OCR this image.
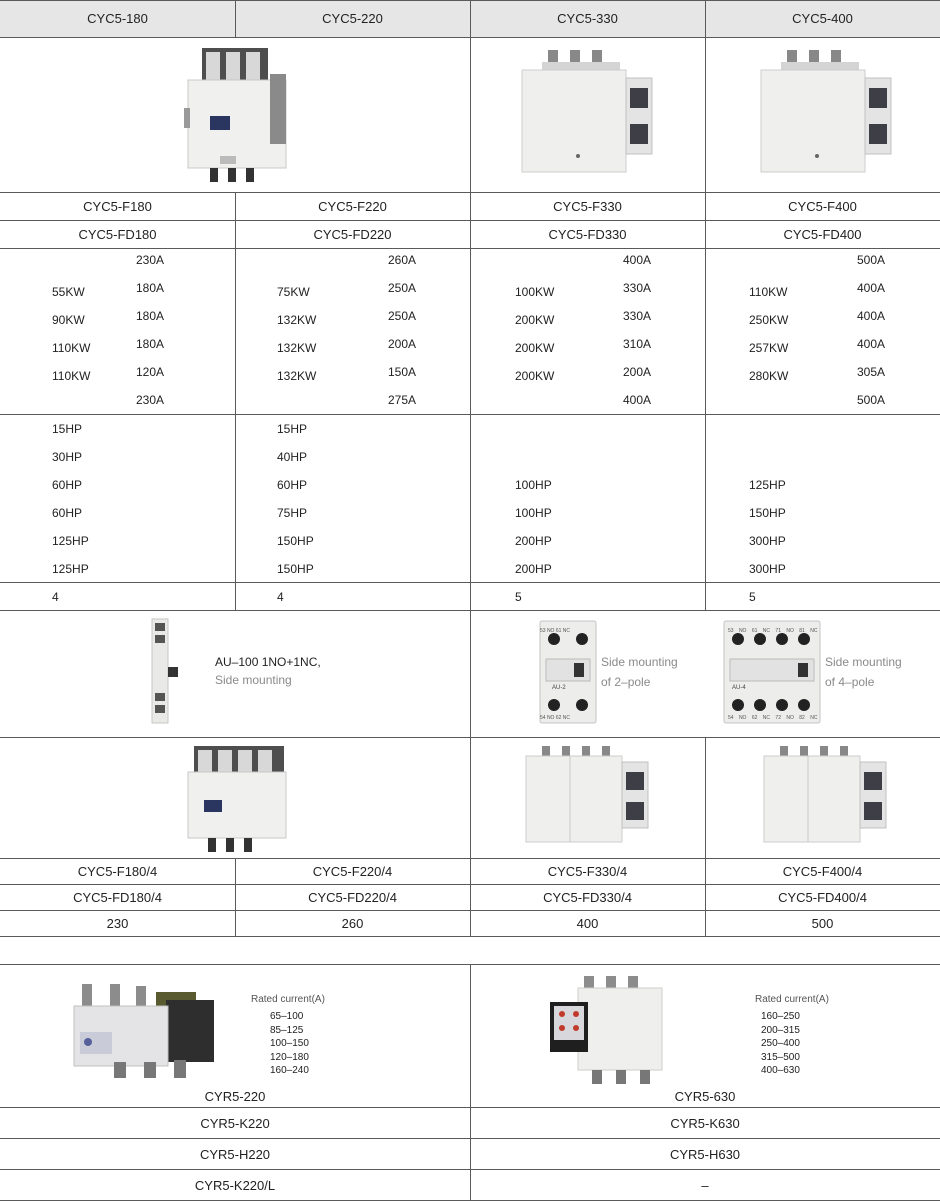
CYC5-180	CYC5-220	CYC5-330	CYC5-400
CYC5-F180	CYC5-F220	CYC5-F330	CYC5-F400
CYC5-FD180	CYC5-FD220	CYC5-FD330	CYC5-FD400
230A	260A	400A	500A
55KW	180A	75KW	250A	100KW	330A	110KW	400A
90KW	180A	132KW	250A	200KW	330A	250KW	400A
110KW	180A	132KW	200A	200KW	310A	257KW	400A
110KW	120A	132KW	150A	200KW	200A	280KW	305A
230A	275A	400A	500A
15HP	15HP
30HP	40HP
60HP	60HP	100HP	125HP
60HP	75HP	100HP	150HP
125HP	150HP	200HP	300HP
125HP	150HP	200HP	300HP
4	4	5	5
AU–100 1NO+1NC,
Side mounting
53 NO 61 NC
AU-2
54 NO 62 NC
Side mounting
of 2–pole
53 NO 61 NC 71 NO 81 NC
AU-4
54 NO 62 NC 72 NO 82 NC
Side mounting
of 4–pole
CYC5-F180/4	CYC5-F220/4	CYC5-F330/4	CYC5-F400/4
CYC5-FD180/4	CYC5-FD220/4	CYC5-FD330/4	CYC5-FD400/4
230	260	400	500
Rated current(A)
65–100
85–125
100–150
120–180
160–240
CYR5-220
Rated current(A)
160–250
200–315
250–400
315–500
400–630
CYR5-630
CYR5-K220	CYR5-K630
CYR5-H220	CYR5-H630
CYR5-K220/L	–
